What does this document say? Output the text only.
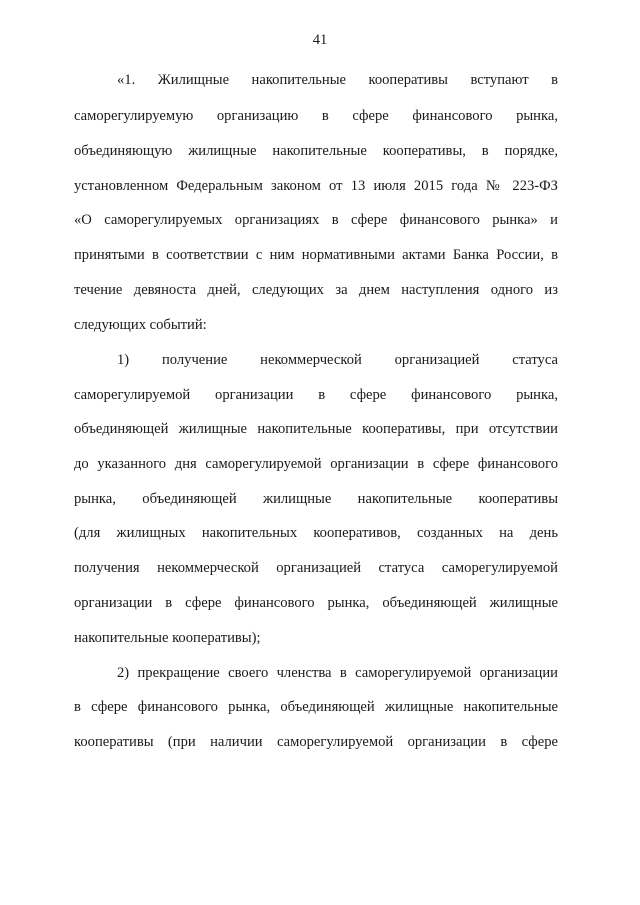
41
«1. Жилищные накопительные кооперативы вступают в
саморегулируемую организацию в сфере финансового рынка,
объединяющую жилищные накопительные кооперативы, в порядке,
установленном Федеральным законом от 13 июля 2015 года № 223-ФЗ
«О саморегулируемых организациях в сфере финансового рынка» и
принятыми в соответствии с ним нормативными актами Банка России, в
течение девяноста дней, следующих за днем наступления одного из
следующих событий:
1) получение некоммерческой организацией статуса
саморегулируемой организации в сфере финансового рынка,
объединяющей жилищные накопительные кооперативы, при отсутствии
до указанного дня саморегулируемой организации в сфере финансового
рынка, объединяющей жилищные накопительные кооперативы
(для жилищных накопительных кооперативов, созданных на день
получения некоммерческой организацией статуса саморегулируемой
организации в сфере финансового рынка, объединяющей жилищные
накопительные кооперативы);
2) прекращение своего членства в саморегулируемой организации
в сфере финансового рынка, объединяющей жилищные накопительные
кооперативы (при наличии саморегулируемой организации в сфере
